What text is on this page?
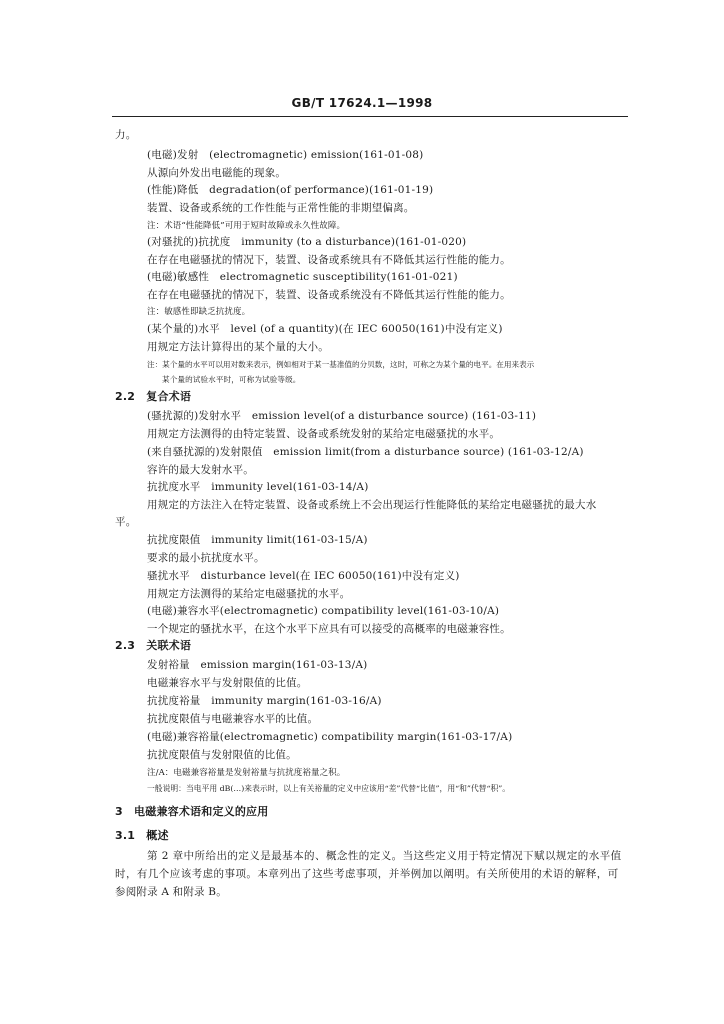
GB/T 17624.1—1998
力。
(电磁)发射　(electromagnetic) emission(161-01-08)
从源向外发出电磁能的现象。
(性能)降低　degradation(of performance)(161-01-19)
装置、设备或系统的工作性能与正常性能的非期望偏离。
注：术语“性能降低”可用于短时故障或永久性故障。
(对骚扰的)抗扰度　immunity (to a disturbance)(161-01-020)
在存在电磁骚扰的情况下，装置、设备或系统具有不降低其运行性能的能力。
(电磁)敏感性　electromagnetic susceptibility(161-01-021)
在存在电磁骚扰的情况下，装置、设备或系统没有不降低其运行性能的能力。
注：敏感性即缺乏抗扰度。
(某个量的)水平　level (of a quantity)(在 IEC 60050(161)中没有定义)
用规定方法计算得出的某个量的大小。
注：某个量的水平可以用对数来表示，例如相对于某一基准值的分贝数，这时，可称之为某个量的电平。在用来表示
某个量的试验水平时，可称为试验等级。
2.2　复合术语
(骚扰源的)发射水平　emission level(of a disturbance source) (161-03-11)
用规定方法测得的由特定装置、设备或系统发射的某给定电磁骚扰的水平。
(来自骚扰源的)发射限值　emission limit(from a disturbance source) (161-03-12/A)
容许的最大发射水平。
抗扰度水平　immunity level(161-03-14/A)
用规定的方法注入在特定装置、设备或系统上不会出现运行性能降低的某给定电磁骚扰的最大水
平。
抗扰度限值　immunity limit(161-03-15/A)
要求的最小抗扰度水平。
骚扰水平　disturbance level(在 IEC 60050(161)中没有定义)
用规定方法测得的某给定电磁骚扰的水平。
(电磁)兼容水平(electromagnetic) compatibility level(161-03-10/A)
一个规定的骚扰水平，在这个水平下应具有可以接受的高概率的电磁兼容性。
2.3　关联术语
发射裕量　emission margin(161-03-13/A)
电磁兼容水平与发射限值的比值。
抗扰度裕量　immunity margin(161-03-16/A)
抗扰度限值与电磁兼容水平的比值。
(电磁)兼容裕量(electromagnetic) compatibility margin(161-03-17/A)
抗扰度限值与发射限值的比值。
注/A：电磁兼容裕量是发射裕量与抗扰度裕量之积。
一般说明：当电平用 dB(…)来表示时，以上有关裕量的定义中应该用“差”代替“比值”，用“和”代替“积”。
3　电磁兼容术语和定义的应用
3.1　概述
第 2 章中所给出的定义是最基本的、概念性的定义。当这些定义用于特定情况下赋以规定的水平值
时，有几个应该考虑的事项。本章列出了这些考虑事项，并举例加以阐明。有关所使用的术语的解释，可
参阅附录 A 和附录 B。
